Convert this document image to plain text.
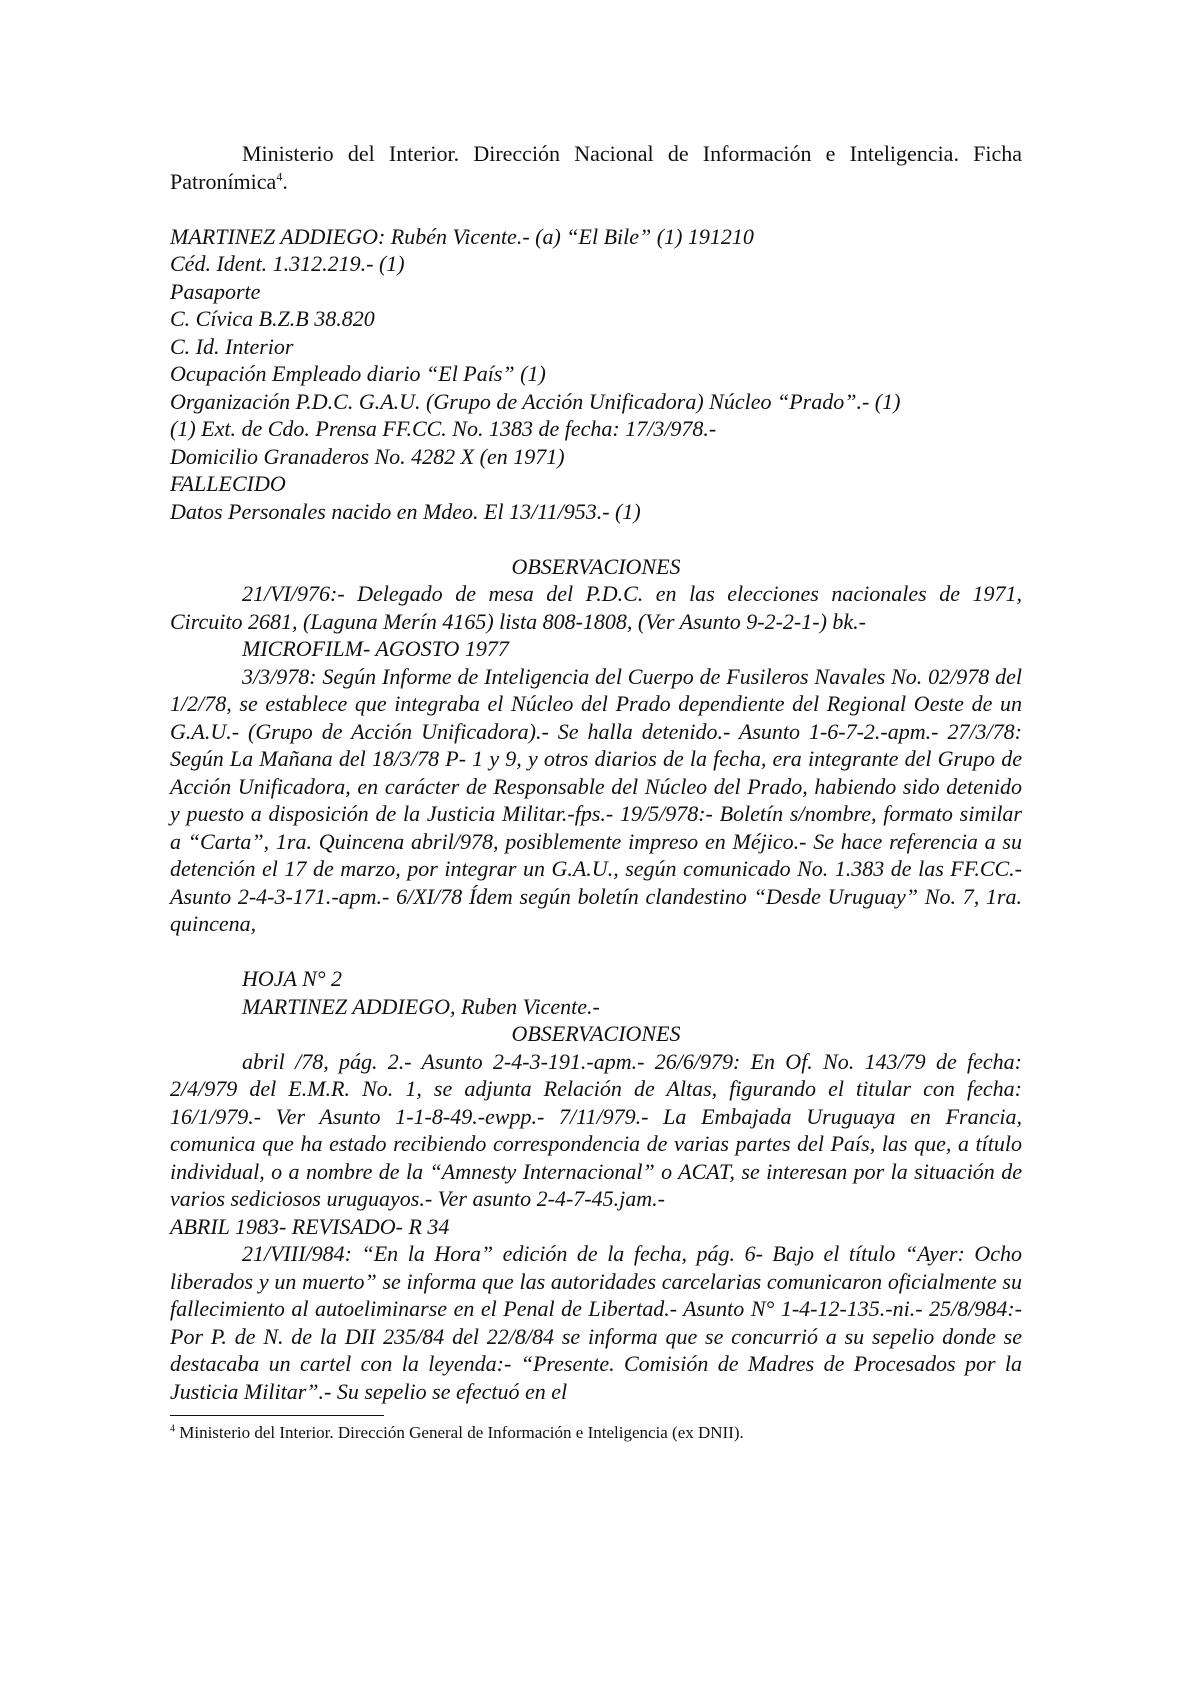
Ministerio del Interior. Dirección Nacional de Información e Inteligencia. Ficha Patronímica$^4$.

MARTINEZ ADDIEGO: Rubén Vicente.- (a) “El Bile” (1) 191210

Céd. Ident. 1.312.219.- (1)

Pasaporte

C. Cívica B.Z.B 38.820

C. Id. Interior

Ocupación Empleado diario “El País” (1)

Organización P.D.C. G.A.U. (Grupo de Acción Unificadora) Núcleo “Prado”.- (1)

(1) Ext. de Cdo. Prensa FF.CC. No. 1383 de fecha: 17/3/978.-

Domicilio Granaderos No. 4282 X (en 1971)

FALLECIDO

Datos Personales nacido en Mdeo. El 13/11/953.- (1)

OBSERVACIONES

21/VI/976:- Delegado de mesa del P.D.C. en las elecciones nacionales de 1971, Circuito 2681, (Laguna Merín 4165) lista 808-1808, (Ver Asunto 9-2-2-1-) bk.-

MICROFILM- AGOSTO 1977

3/3/978: Según Informe de Inteligencia del Cuerpo de Fusileros Navales No. 02/978 del 1/2/78, se establece que integraba el Núcleo del Prado dependiente del Regional Oeste de un G.A.U.- (Grupo de Acción Unificadora).- Se halla detenido.- Asunto 1-6-7-2.-apm.- 27/3/78: Según La Mañana del 18/3/78 P- 1 y 9, y otros diarios de la fecha, era integrante del Grupo de Acción Unificadora, en carácter de Responsable del Núcleo del Prado, habiendo sido detenido y puesto a disposición de la Justicia Militar.-fps.- 19/5/978:- Boletín s/nombre, formato similar a “Carta”, 1ra. Quincena abril/978, posiblemente impreso en Méjico.- Se hace referencia a su detención el 17 de marzo, por integrar un G.A.U., según comunicado No. 1.383 de las FF.CC.- Asunto 2-4-3-171.-apm.- 6/XI/78 Ídem según boletín clandestino “Desde Uruguay” No. 7, 1ra. quincena,

HOJA N° 2

MARTINEZ ADDIEGO, Ruben Vicente.-

OBSERVACIONES

abril /78, pág. 2.- Asunto 2-4-3-191.-apm.- 26/6/979: En Of. No. 143/79 de fecha: 2/4/979 del E.M.R. No. 1, se adjunta Relación de Altas, figurando el titular con fecha: 16/1/979.- Ver Asunto 1-1-8-49.-ewpp.- 7/11/979.- La Embajada Uruguaya en Francia, comunica que ha estado recibiendo correspondencia de varias partes del País, las que, a título individual, o a nombre de la “Amnesty Internacional” o ACAT, se interesan por la situación de varios sediciosos uruguayos.- Ver asunto 2-4-7-45.jam.-

ABRIL 1983- REVISADO- R 34

21/VIII/984: “En la Hora” edición de la fecha, pág. 6- Bajo el título “Ayer: Ocho liberados y un muerto” se informa que las autoridades carcelarias comunicaron oficialmente su fallecimiento al autoeliminarse en el Penal de Libertad.- Asunto N° 1-4-12-135.-ni.- 25/8/984:- Por P. de N. de la DII 235/84 del 22/8/84 se informa que se concurrió a su sepelio donde se destacaba un cartel con la leyenda:- “Presente. Comisión de Madres de Procesados por la Justicia Militar”.- Su sepelio se efectuó en el

$^4$ Ministerio del Interior. Dirección General de Información e Inteligencia (ex DNII).
